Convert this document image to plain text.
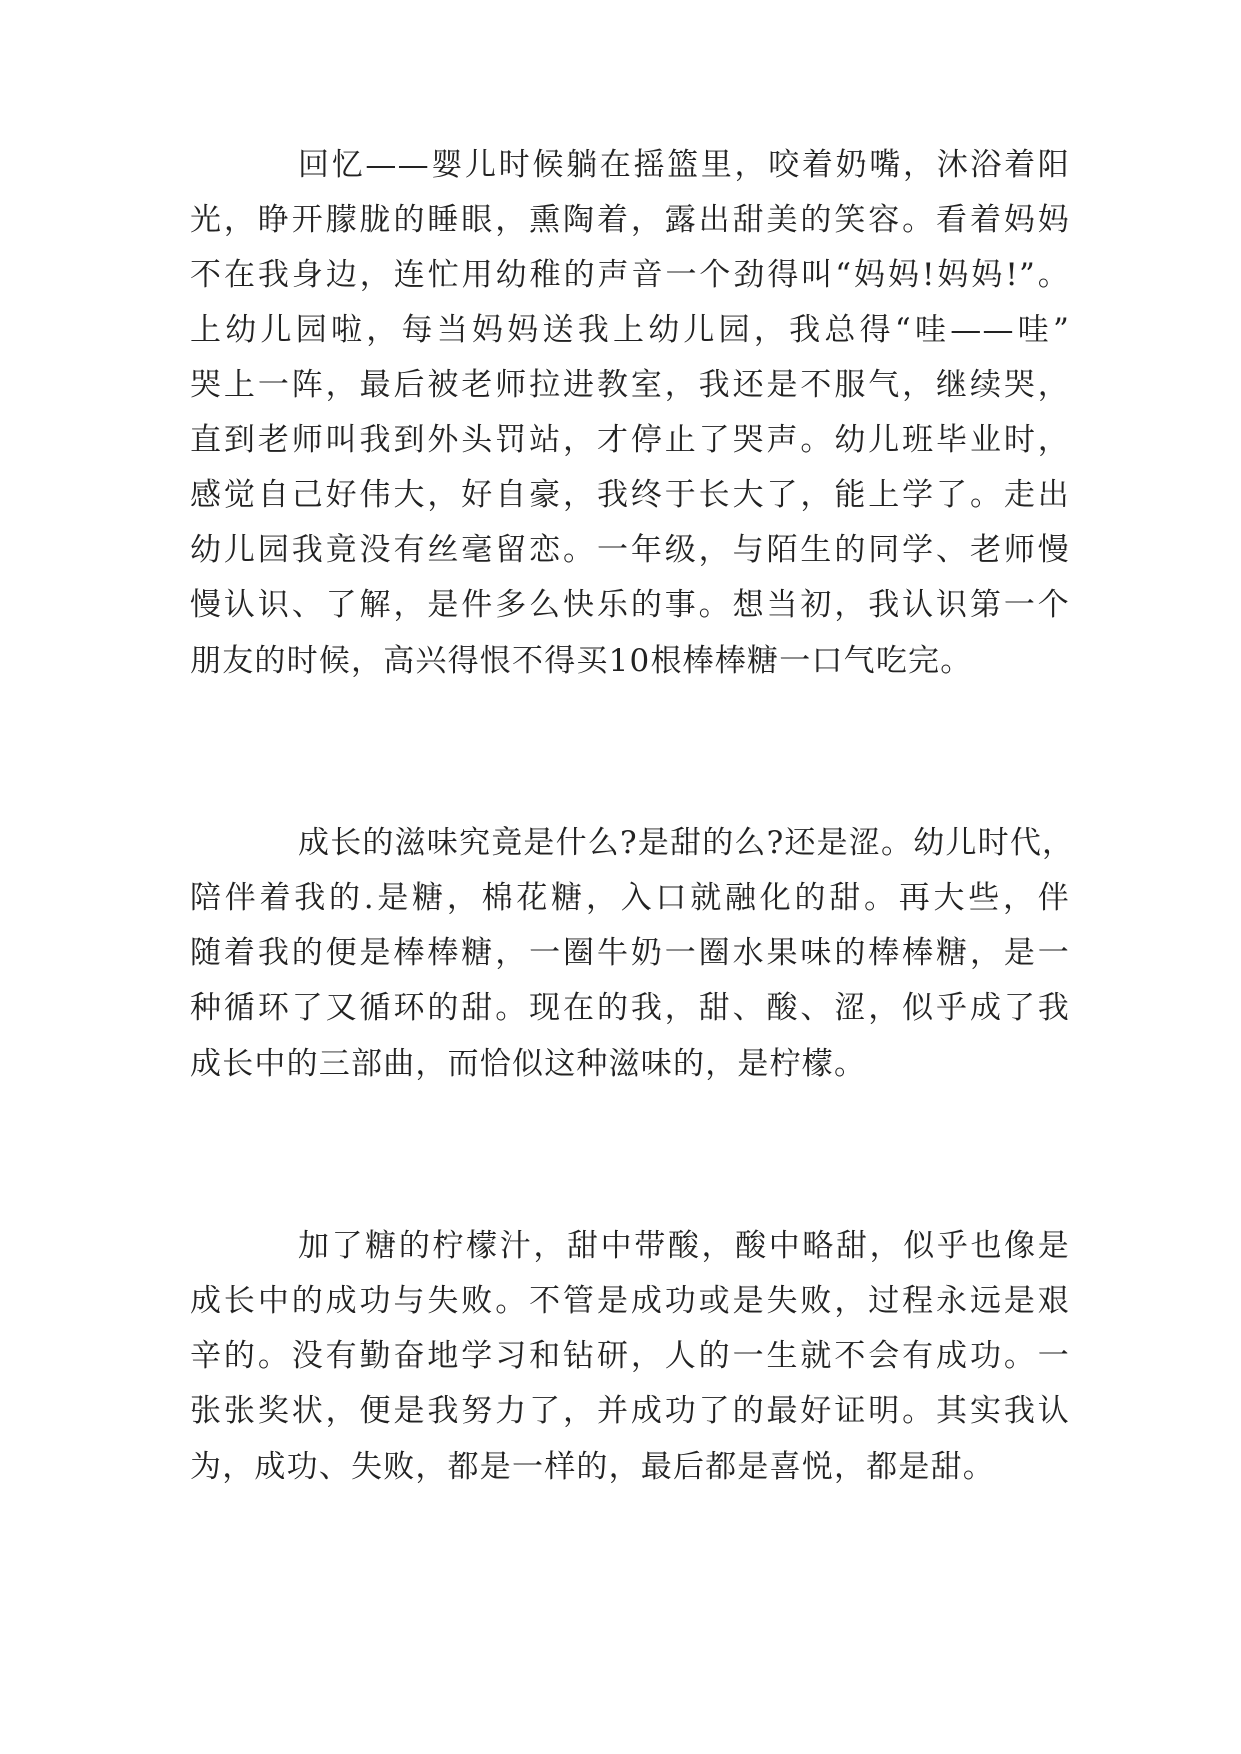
回忆——婴儿时候躺在摇篮里，咬着奶嘴，沐浴着阳
光，睁开朦胧的睡眼，熏陶着，露出甜美的笑容。看着妈妈
不在我身边，连忙用幼稚的声音一个劲得叫“妈妈!妈妈!”。
上幼儿园啦，每当妈妈送我上幼儿园，我总得“哇——哇”
哭上一阵，最后被老师拉进教室，我还是不服气，继续哭，
直到老师叫我到外头罚站，才停止了哭声。幼儿班毕业时，
感觉自己好伟大，好自豪，我终于长大了，能上学了。走出
幼儿园我竟没有丝毫留恋。一年级，与陌生的同学、老师慢
慢认识、了解，是件多么快乐的事。想当初，我认识第一个
朋友的时候，高兴得恨不得买10根棒棒糖一口气吃完。
成长的滋味究竟是什么?是甜的么?还是涩。幼儿时代，
陪伴着我的.是糖，棉花糖，入口就融化的甜。再大些，伴
随着我的便是棒棒糖，一圈牛奶一圈水果味的棒棒糖，是一
种循环了又循环的甜。现在的我，甜、酸、涩，似乎成了我
成长中的三部曲，而恰似这种滋味的，是柠檬。
加了糖的柠檬汁，甜中带酸，酸中略甜，似乎也像是
成长中的成功与失败。不管是成功或是失败，过程永远是艰
辛的。没有勤奋地学习和钻研，人的一生就不会有成功。一
张张奖状，便是我努力了，并成功了的最好证明。其实我认
为，成功、失败，都是一样的，最后都是喜悦，都是甜。
